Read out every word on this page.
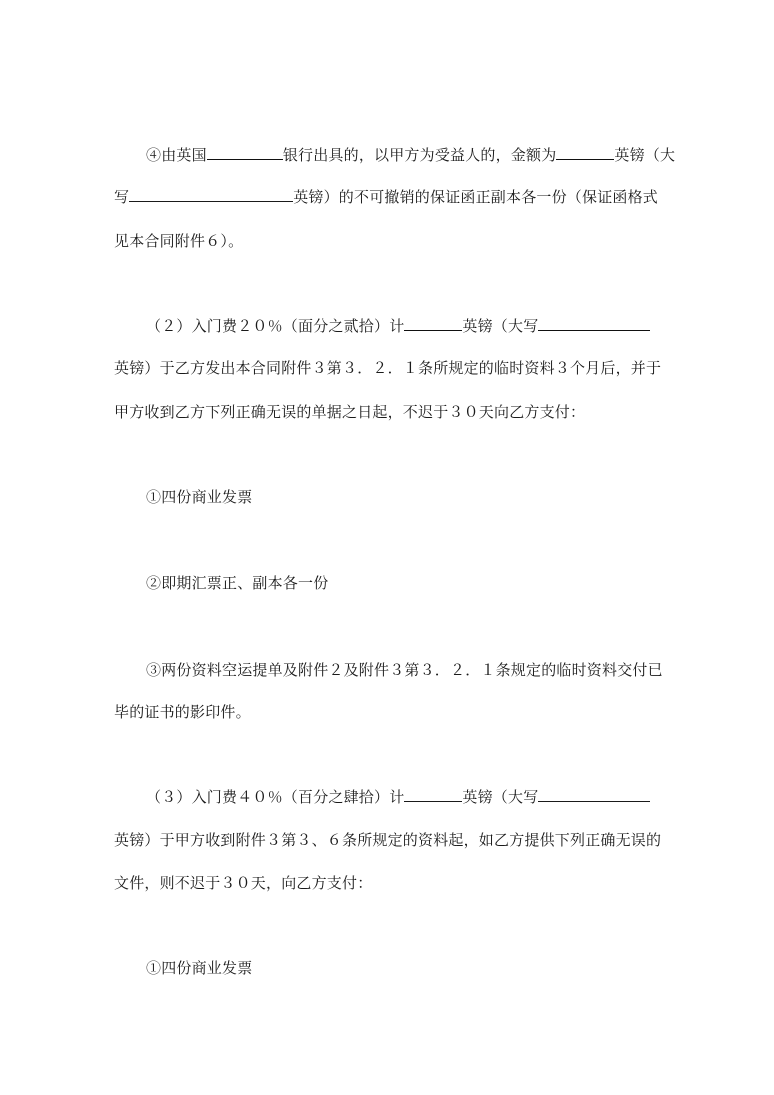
④由英国	银行出具的，以甲方为受益人的，金额为	英镑（大
写	英镑）的不可撤销的保证函正副本各一份（保证函格式
见本合同附件６）。
（２）入门费２０％（面分之贰拾）计	英镑（大写
英镑）于乙方发出本合同附件３第３．２．１条所规定的临时资料３个月后，并于
甲方收到乙方下列正确无误的单据之日起，不迟于３０天向乙方支付：
①四份商业发票
②即期汇票正、副本各一份
③两份资料空运提单及附件２及附件３第３．２．１条规定的临时资料交付已
毕的证书的影印件。
（３）入门费４０％（百分之肆拾）计	英镑（大写
英镑）于甲方收到附件３第３、６条所规定的资料起，如乙方提供下列正确无误的
文件，则不迟于３０天，向乙方支付：
①四份商业发票
